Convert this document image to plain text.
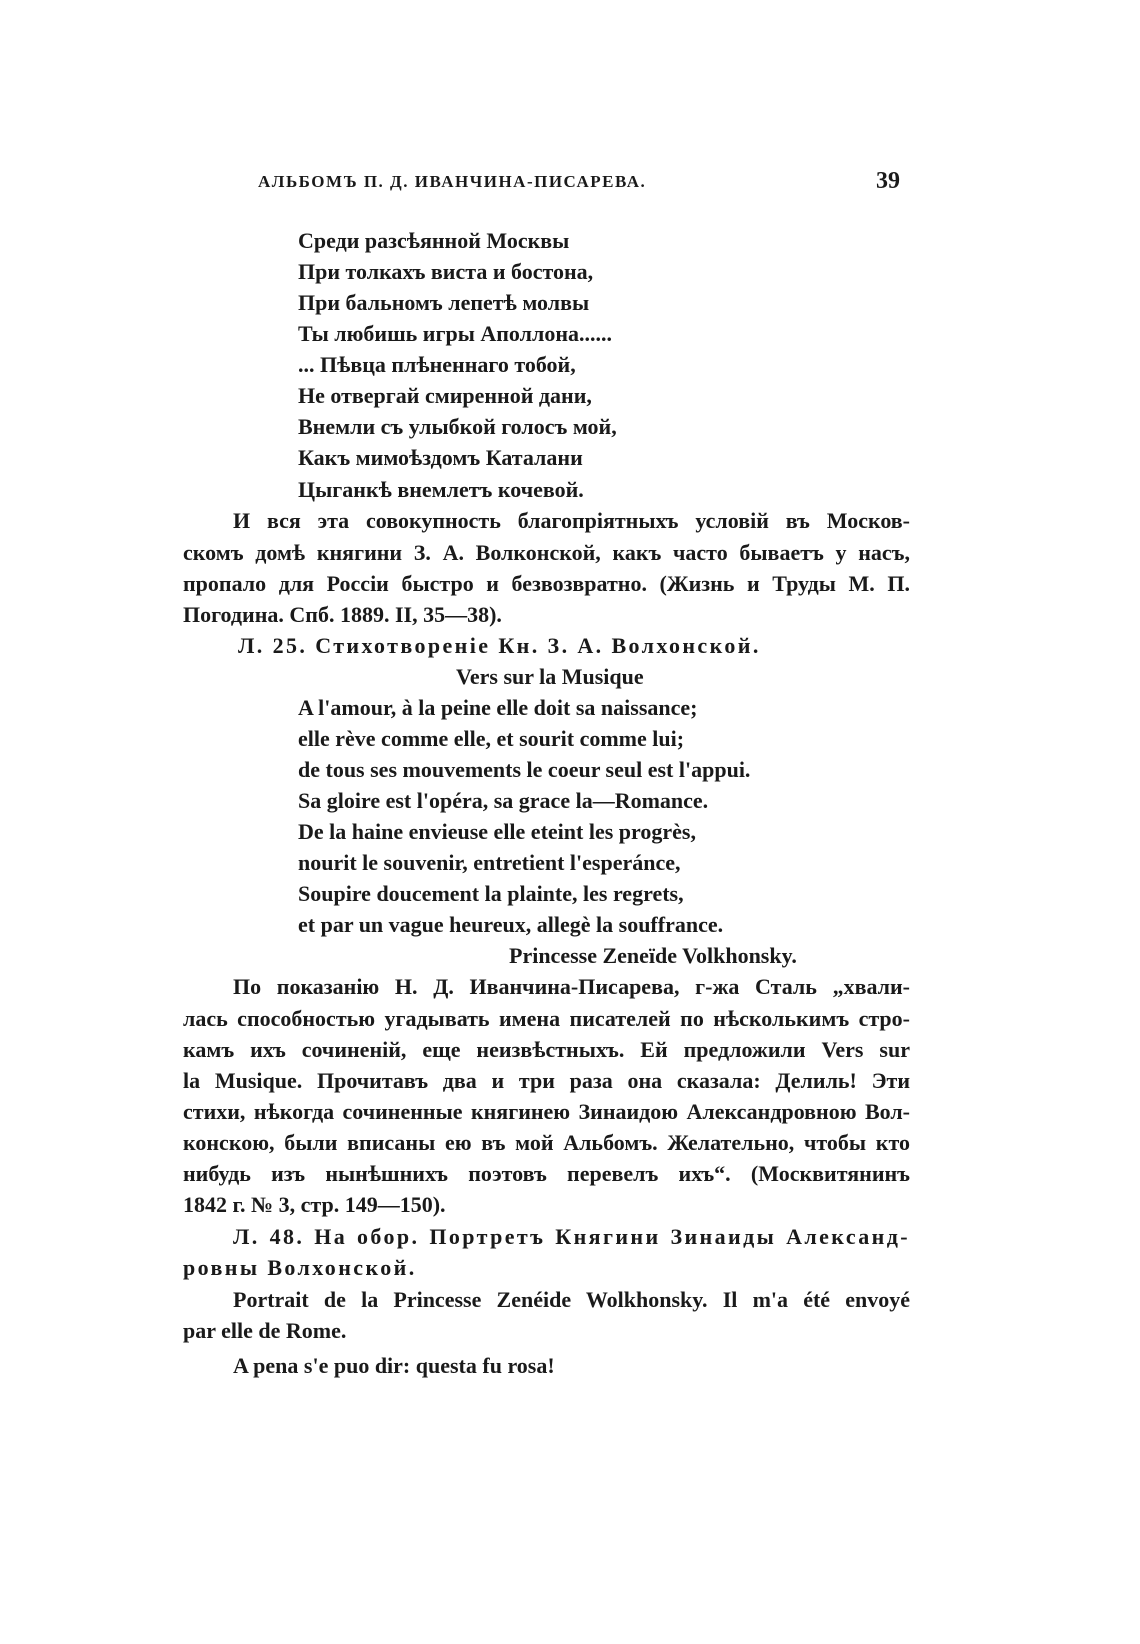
АЛЬБОМЪ П. Д. ИВАНЧИНА-ПИСАРЕВА.	39
Среди разсѣянной Москвы
При толкахъ виста и бостона,
При бальномъ лепетѣ молвы
Ты любишь игры Аполлона......
... Пѣвца плѣненнаго тобой,
Не отвергай смиренной дани,
Внемли съ улыбкой голосъ мой,
Какъ мимоѣздомъ Каталани
Цыганкѣ внемлетъ кочевой.
И вся эта совокупность благопріятныхъ условій въ Москов-
скомъ домѣ княгини З. А. Волконской, какъ часто бываетъ у насъ,
пропало для Россіи быстро и безвозвратно. (Жизнь и Труды М. П.
Погодина. Спб. 1889. II, 35—38).
Л. 25. Стихотвореніе Кн. З. А. Волхонской.
Vers sur la Musique
A l'amour, à la peine elle doit sa naissance;
elle rève comme elle, et sourit comme lui;
de tous ses mouvements le coeur seul est l'appui.
Sa gloire est l'opéra, sa grace la—Romance.
De la haine envieuse elle eteint les progrès,
nourit le souvenir, entretient l'esperánce,
Soupire doucement la plainte, les regrets,
et par un vague heureux, allegè la souffrance.
Princesse Zeneïde Volkhonsky.
По показанію Н. Д. Иванчина-Писарева, г-жа Сталь „хвали-
лась способностью угадывать имена писателей по нѣсколькимъ стро-
камъ ихъ сочиненій, еще неизвѣстныхъ. Ей предложили Vers sur
la Musique. Прочитавъ два и три раза она сказала: Делиль! Эти
стихи, нѣкогда сочиненные княгинею Зинаидою Александровною Вол-
конскою, были вписаны ею въ мой Альбомъ. Желательно, чтобы кто
нибудь изъ нынѣшнихъ поэтовъ перевелъ ихъ“. (Москвитянинъ
1842 г. № 3, стр. 149—150).
Л. 48. На обор. Портретъ Княгини Зинаиды Александ-
ровны Волхонской.
Portrait de la Princesse Zenéide Wolkhonsky. Il m'a été envoyé
par elle de Rome.
A pena s'e puo dir: questa fu rosa!
